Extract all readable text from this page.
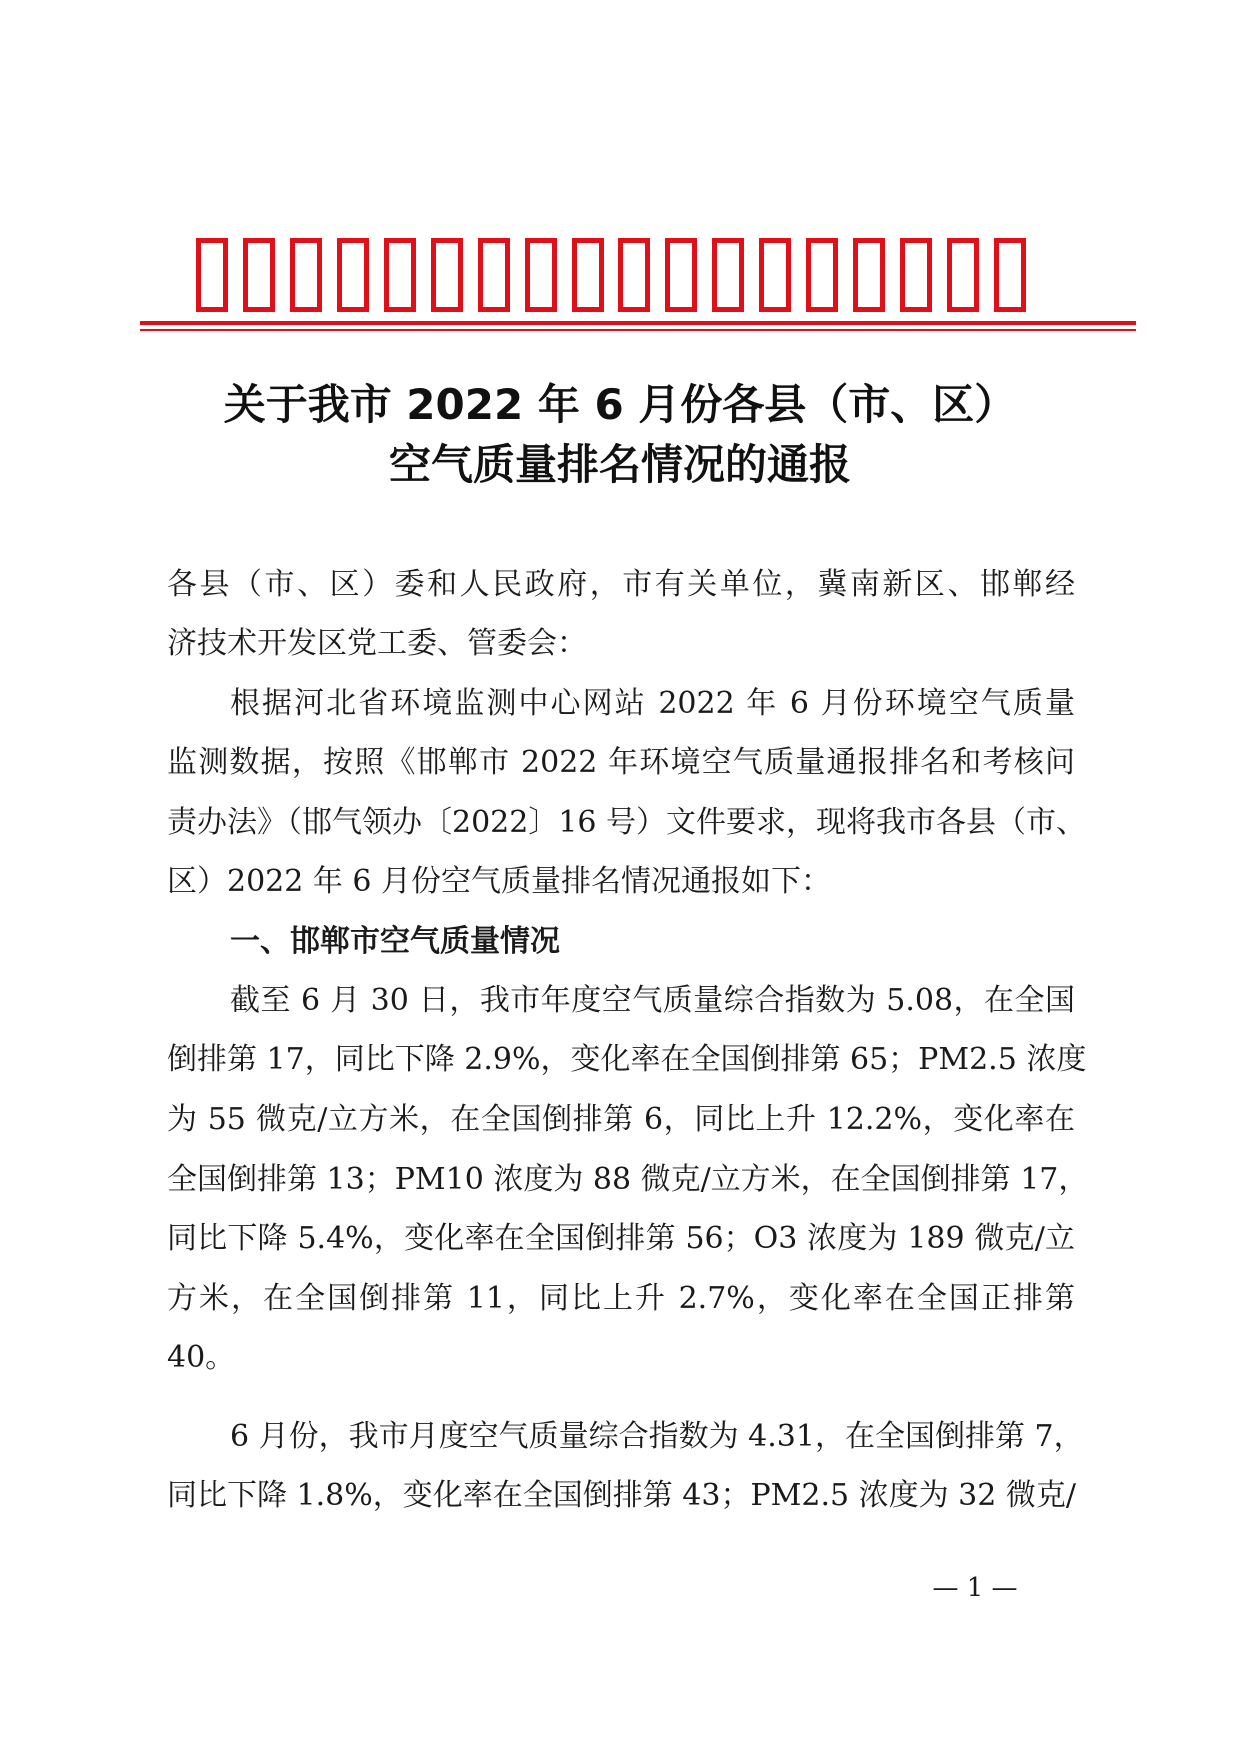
关于我市 2022 年 6 月份各县（市、区）
空气质量排名情况的通报

各县（市、区）委和人民政府，市有关单位，冀南新区、邯郸经

济技术开发区党工委、管委会：

根据河北省环境监测中心网站 2022 年 6 月份环境空气质量

监测数据，按照《邯郸市 2022 年环境空气质量通报排名和考核问

责办法》（邯气领办〔2022〕16 号）文件要求，现将我市各县（市、

区）2022 年 6 月份空气质量排名情况通报如下：

一、邯郸市空气质量情况

截至 6 月 30 日，我市年度空气质量综合指数为 5.08，在全国

倒排第 17，同比下降 2.9%，变化率在全国倒排第 65；PM2.5 浓度

为 55 微克/立方米，在全国倒排第 6，同比上升 12.2%，变化率在

全国倒排第 13；PM10 浓度为 88 微克/立方米，在全国倒排第 17，

同比下降 5.4%，变化率在全国倒排第 56；O3 浓度为 189 微克/立

方米，在全国倒排第 11，同比上升 2.7%，变化率在全国正排第

40。

6 月份，我市月度空气质量综合指数为 4.31，在全国倒排第 7，

同比下降 1.8%，变化率在全国倒排第 43；PM2.5 浓度为 32 微克/

— 1 —
